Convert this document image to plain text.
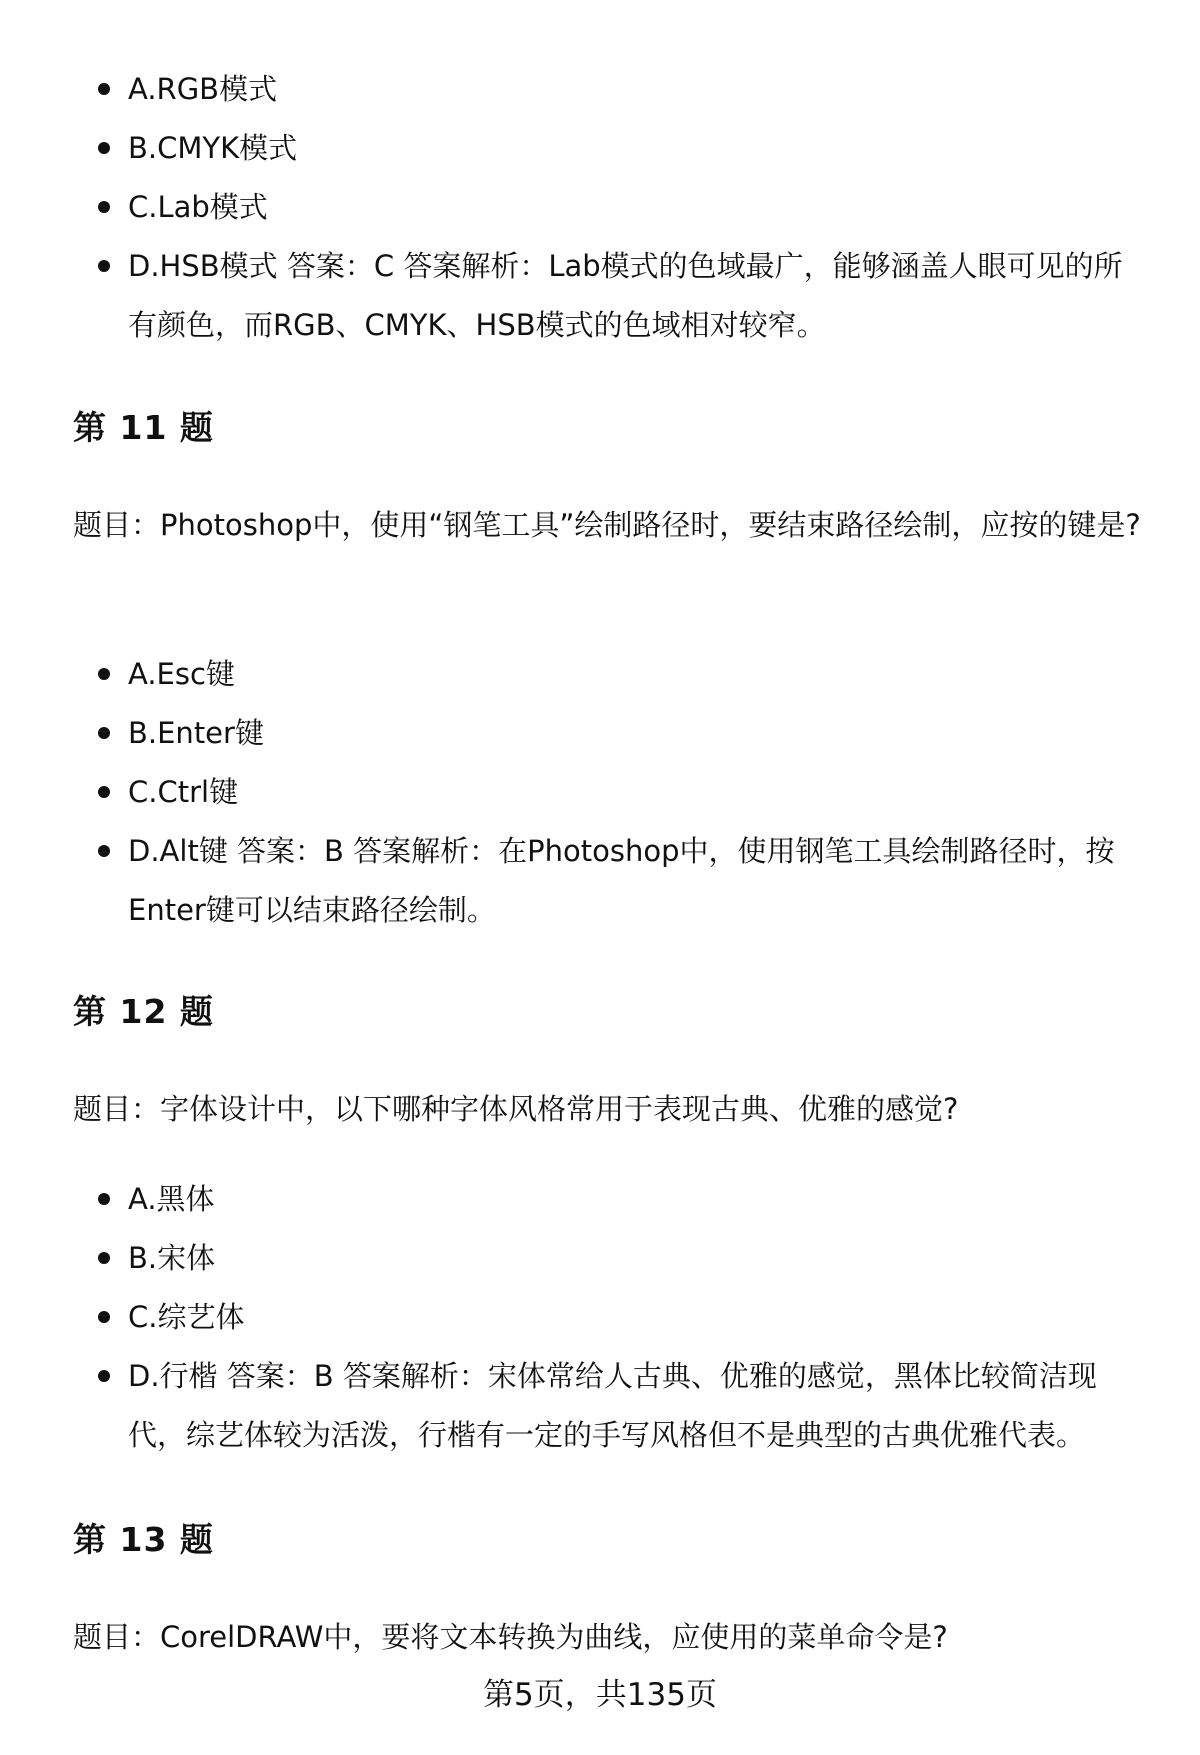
A.RGB模式
B.CMYK模式
C.Lab模式
D.HSB模式 答案：C 答案解析：Lab模式的色域最广，能够涵盖人眼可见的所有颜色，而RGB、CMYK、HSB模式的色域相对较窄。
第 11 题
题目：Photoshop中，使用“钢笔工具”绘制路径时，要结束路径绘制，应按的键是?
A.Esc键
B.Enter键
C.Ctrl键
D.Alt键 答案：B 答案解析：在Photoshop中，使用钢笔工具绘制路径时，按Enter键可以结束路径绘制。
第 12 题
题目：字体设计中，以下哪种字体风格常用于表现古典、优雅的感觉?
A.黑体
B.宋体
C.综艺体
D.行楷 答案：B 答案解析：宋体常给人古典、优雅的感觉，黑体比较简洁现代，综艺体较为活泼，行楷有一定的手写风格但不是典型的古典优雅代表。
第 13 题
题目：CorelDRAW中，要将文本转换为曲线，应使用的菜单命令是?
第5页，共135页
